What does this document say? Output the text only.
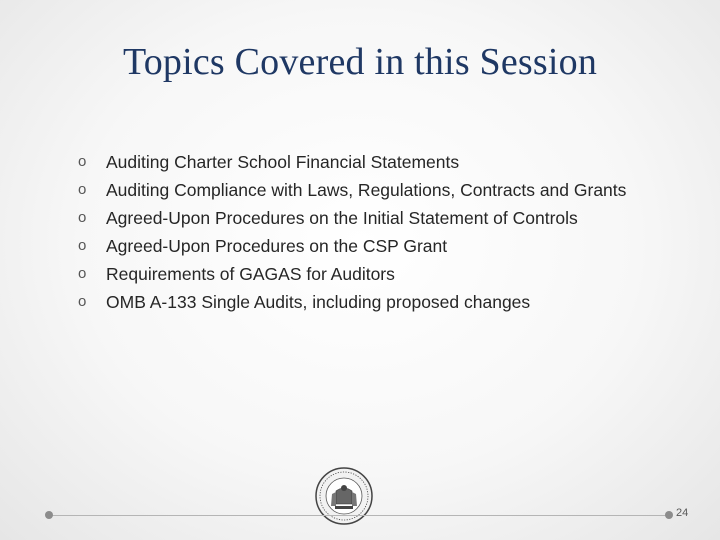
Topics Covered in this Session
o Auditing Charter School Financial Statements
o Auditing Compliance with Laws, Regulations, Contracts and Grants
o Agreed-Upon Procedures on the Initial Statement of Controls
o Agreed-Upon Procedures on the CSP Grant
o Requirements of GAGAS for Auditors
o OMB A-133 Single Audits, including proposed changes
24
